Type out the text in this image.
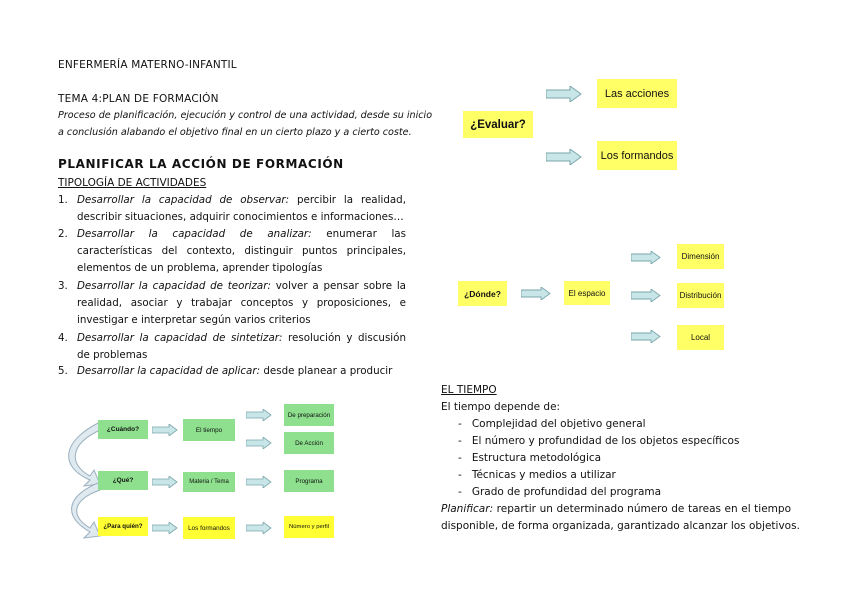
ENFERMERÍA MATERNO-INFANTIL
TEMA 4:PLAN DE FORMACIÓN
Proceso de planificación, ejecución y control de una actividad, desde su inicio
a conclusión alabando el objetivo final en un cierto plazo y a cierto coste.
PLANIFICAR LA ACCIÓN DE FORMACIÓN
TIPOLOGÍA DE ACTIVIDADES
1. Desarrollar la capacidad de observar: percibir la realidad, describir situaciones, adquirir conocimientos e informaciones…
2. Desarrollar la capacidad de analizar: enumerar las características del contexto, distinguir puntos principales, elementos de un problema, aprender tipologías
3. Desarrollar la capacidad de teorizar: volver a pensar sobre la realidad, asociar y trabajar conceptos y proposiciones, e investigar e interpretar según varios criterios
4. Desarrollar la capacidad de sintetizar: resolución y discusión de problemas
5. Desarrollar la capacidad de aplicar: desde planear a producir
¿Cuándo?
¿Qué?
¿Para quién?
El tiempo
Materia / Tema
Los formandos
De preparación
De Acción
Programa
Número y perfil
¿Evaluar?
Las acciones
Los formandos
¿Dónde?	El espacio
Dimensión
Distribución
Local
EL TIEMPO
El tiempo depende de:
-   Complejidad del objetivo general
-   El número y profundidad de los objetos específicos
-   Estructura metodológica
-   Técnicas y medios a utilizar
-   Grado de profundidad del programa
Planificar: repartir un determinado número de tareas en el tiempo
disponible, de forma organizada, garantizado alcanzar los objetivos.
